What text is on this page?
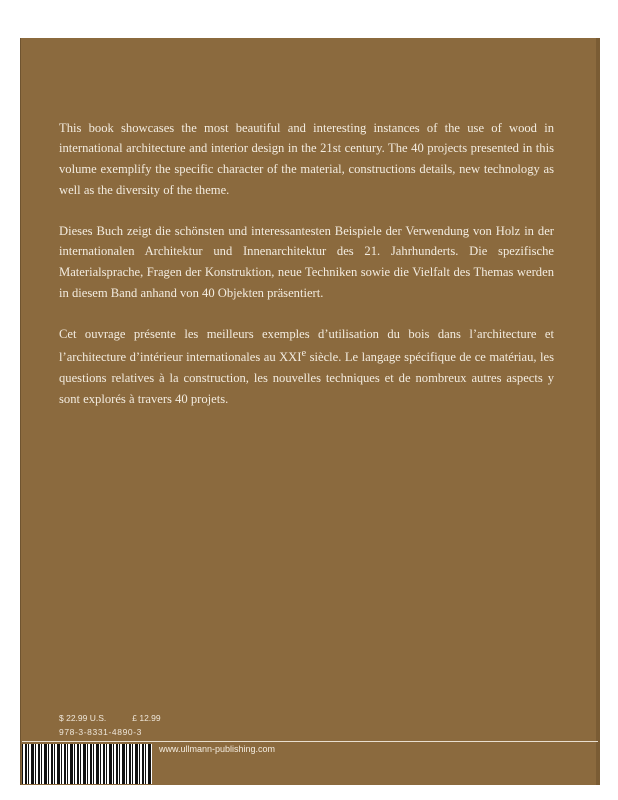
This book showcases the most beautiful and interesting instances of the use of wood in international architecture and interior design in the 21st century. The 40 projects presented in this volume exemplify the specific character of the material, constructions details, new technology as well as the diversity of the theme.

Dieses Buch zeigt die schönsten und interessantesten Beispiele der Verwendung von Holz in der internationalen Architektur und Innenarchitektur des 21. Jahrhunderts. Die spezifische Materialsprache, Fragen der Konstruktion, neue Techniken sowie die Vielfalt des Themas werden in diesem Band anhand von 40 Objekten präsentiert.

Cet ouvrage présente les meilleurs exemples d’utilisation du bois dans l’architecture et l’architecture d’intérieur internationales au XXIe siècle. Le langage spécifique de ce matériau, les questions relatives à la construction, les nouvelles techniques et de nombreux autres aspects y sont explorés à travers 40 projets.

$ 22.99 U.S.	£ 12.99
978-3-8331-4890-3
www.ullmann-publishing.com
